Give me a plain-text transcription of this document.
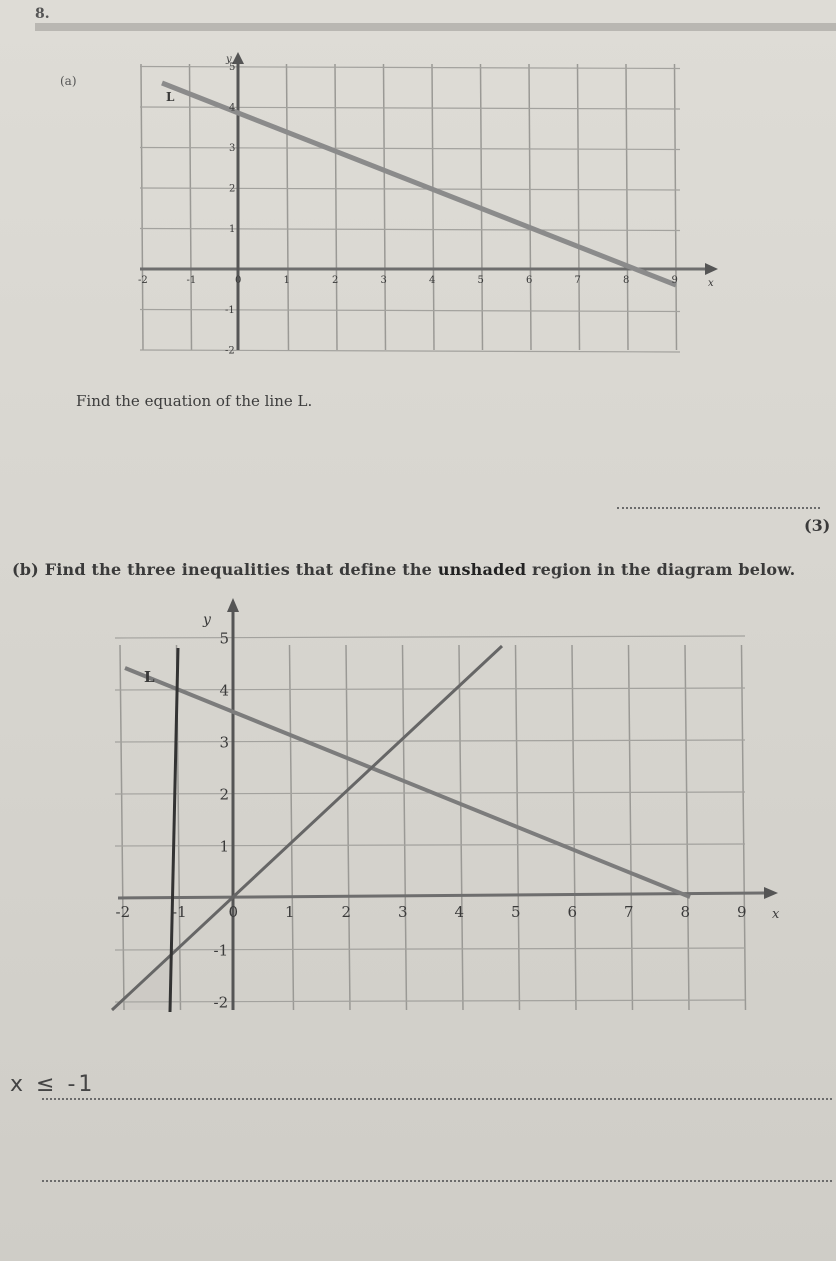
8.
(a)
L
x
y
-2	-1	0	1	2	3	4	5	6	7	8	9
5
4
3
2
1
-1
-2
Find the equation of the line L.
(3)
(b) Find the three inequalities that define the unshaded region in the diagram below.
L
x
y
-2	-1	0	1	2	3	4	5	6	7	8	9
5
4
3
2
1
-1
-2
x ≤ -1
